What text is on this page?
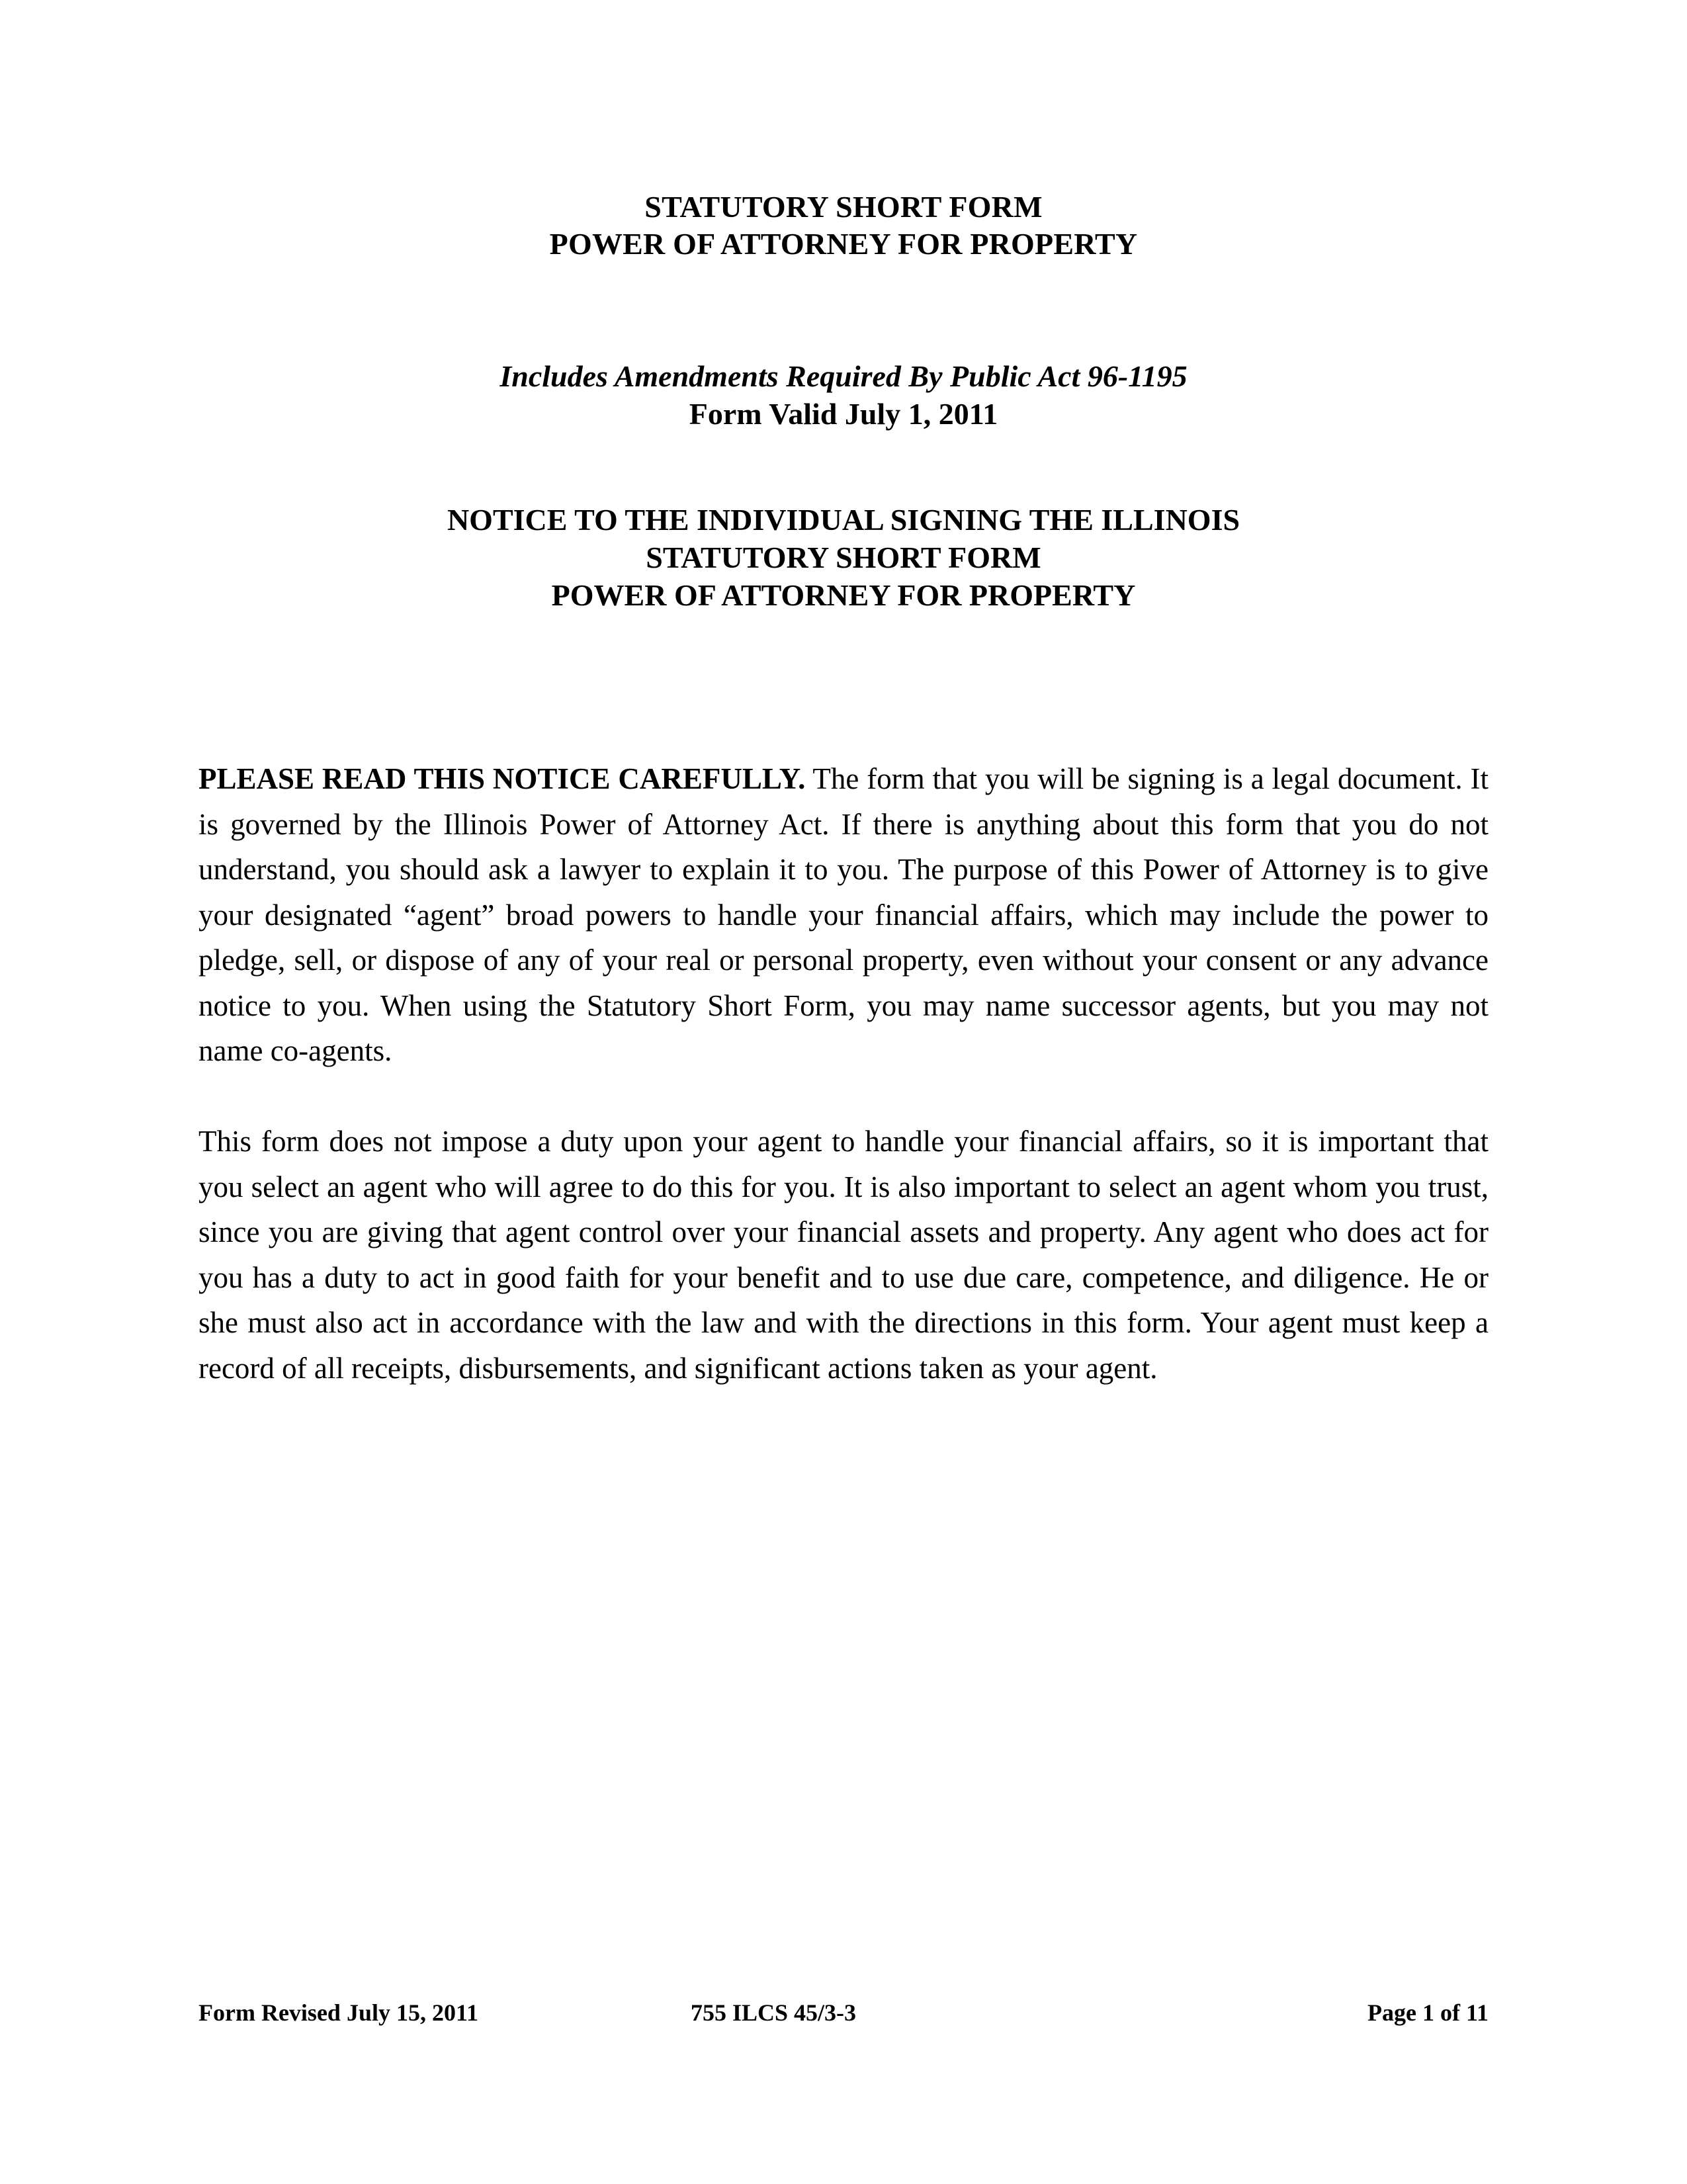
STATUTORY SHORT FORM
POWER OF ATTORNEY FOR PROPERTY
Includes Amendments Required By Public Act 96-1195
Form Valid July 1, 2011
NOTICE TO THE INDIVIDUAL SIGNING THE ILLINOIS
STATUTORY SHORT FORM
POWER OF ATTORNEY FOR PROPERTY

PLEASE READ THIS NOTICE CAREFULLY. The form that you will be signing is a legal document. It is governed by the Illinois Power of Attorney Act. If there is anything about this form that you do not understand, you should ask a lawyer to explain it to you. The purpose of this Power of Attorney is to give your designated “agent” broad powers to handle your financial affairs, which may include the power to pledge, sell, or dispose of any of your real or personal property, even without your consent or any advance notice to you. When using the Statutory Short Form, you may name successor agents, but you may not name co-agents.

This form does not impose a duty upon your agent to handle your financial affairs, so it is important that you select an agent who will agree to do this for you. It is also important to select an agent whom you trust, since you are giving that agent control over your financial assets and property. Any agent who does act for you has a duty to act in good faith for your benefit and to use due care, competence, and diligence. He or she must also act in accordance with the law and with the directions in this form. Your agent must keep a record of all receipts, disbursements, and significant actions taken as your agent.

Form Revised July 15, 2011	755 ILCS 45/3-3	Page 1 of 11
